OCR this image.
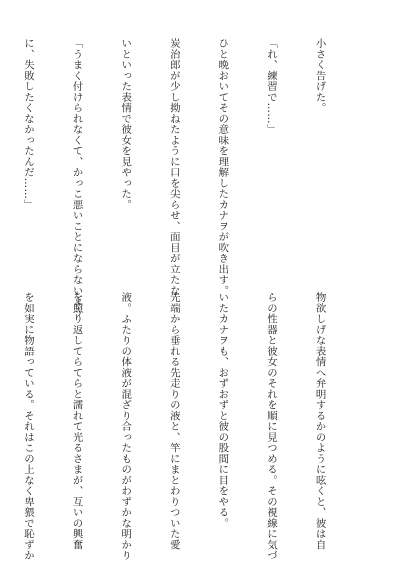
小さく告げた。

「れ、練習で……」

ひと晩おいてその意味を理解したカナヲが吹き出す。

炭治郎が少し拗ねたように口を尖らせ、面目が立たな

いといった表情で彼女を見やった。

「うまく付けられなくて、かっこ悪いことにならないよう

に、失敗したくなかったんだ……」

物欲しげな表情へ弁明するかのように呟くと、彼は自

らの性器と彼女のそれを順に見つめる。その視線に気づ

いたカナヲも、おずおずと彼の股間に目をやる。

先端から垂れる先走りの液と、竿にまとわりついた愛

液。ふたりの体液が混ざり合ったものがわずかな明かり

を照り返してらてらと濡れて光るさまが、互いの興奮

を如実に物語っている。それはこの上なく卑猥で恥ずか
